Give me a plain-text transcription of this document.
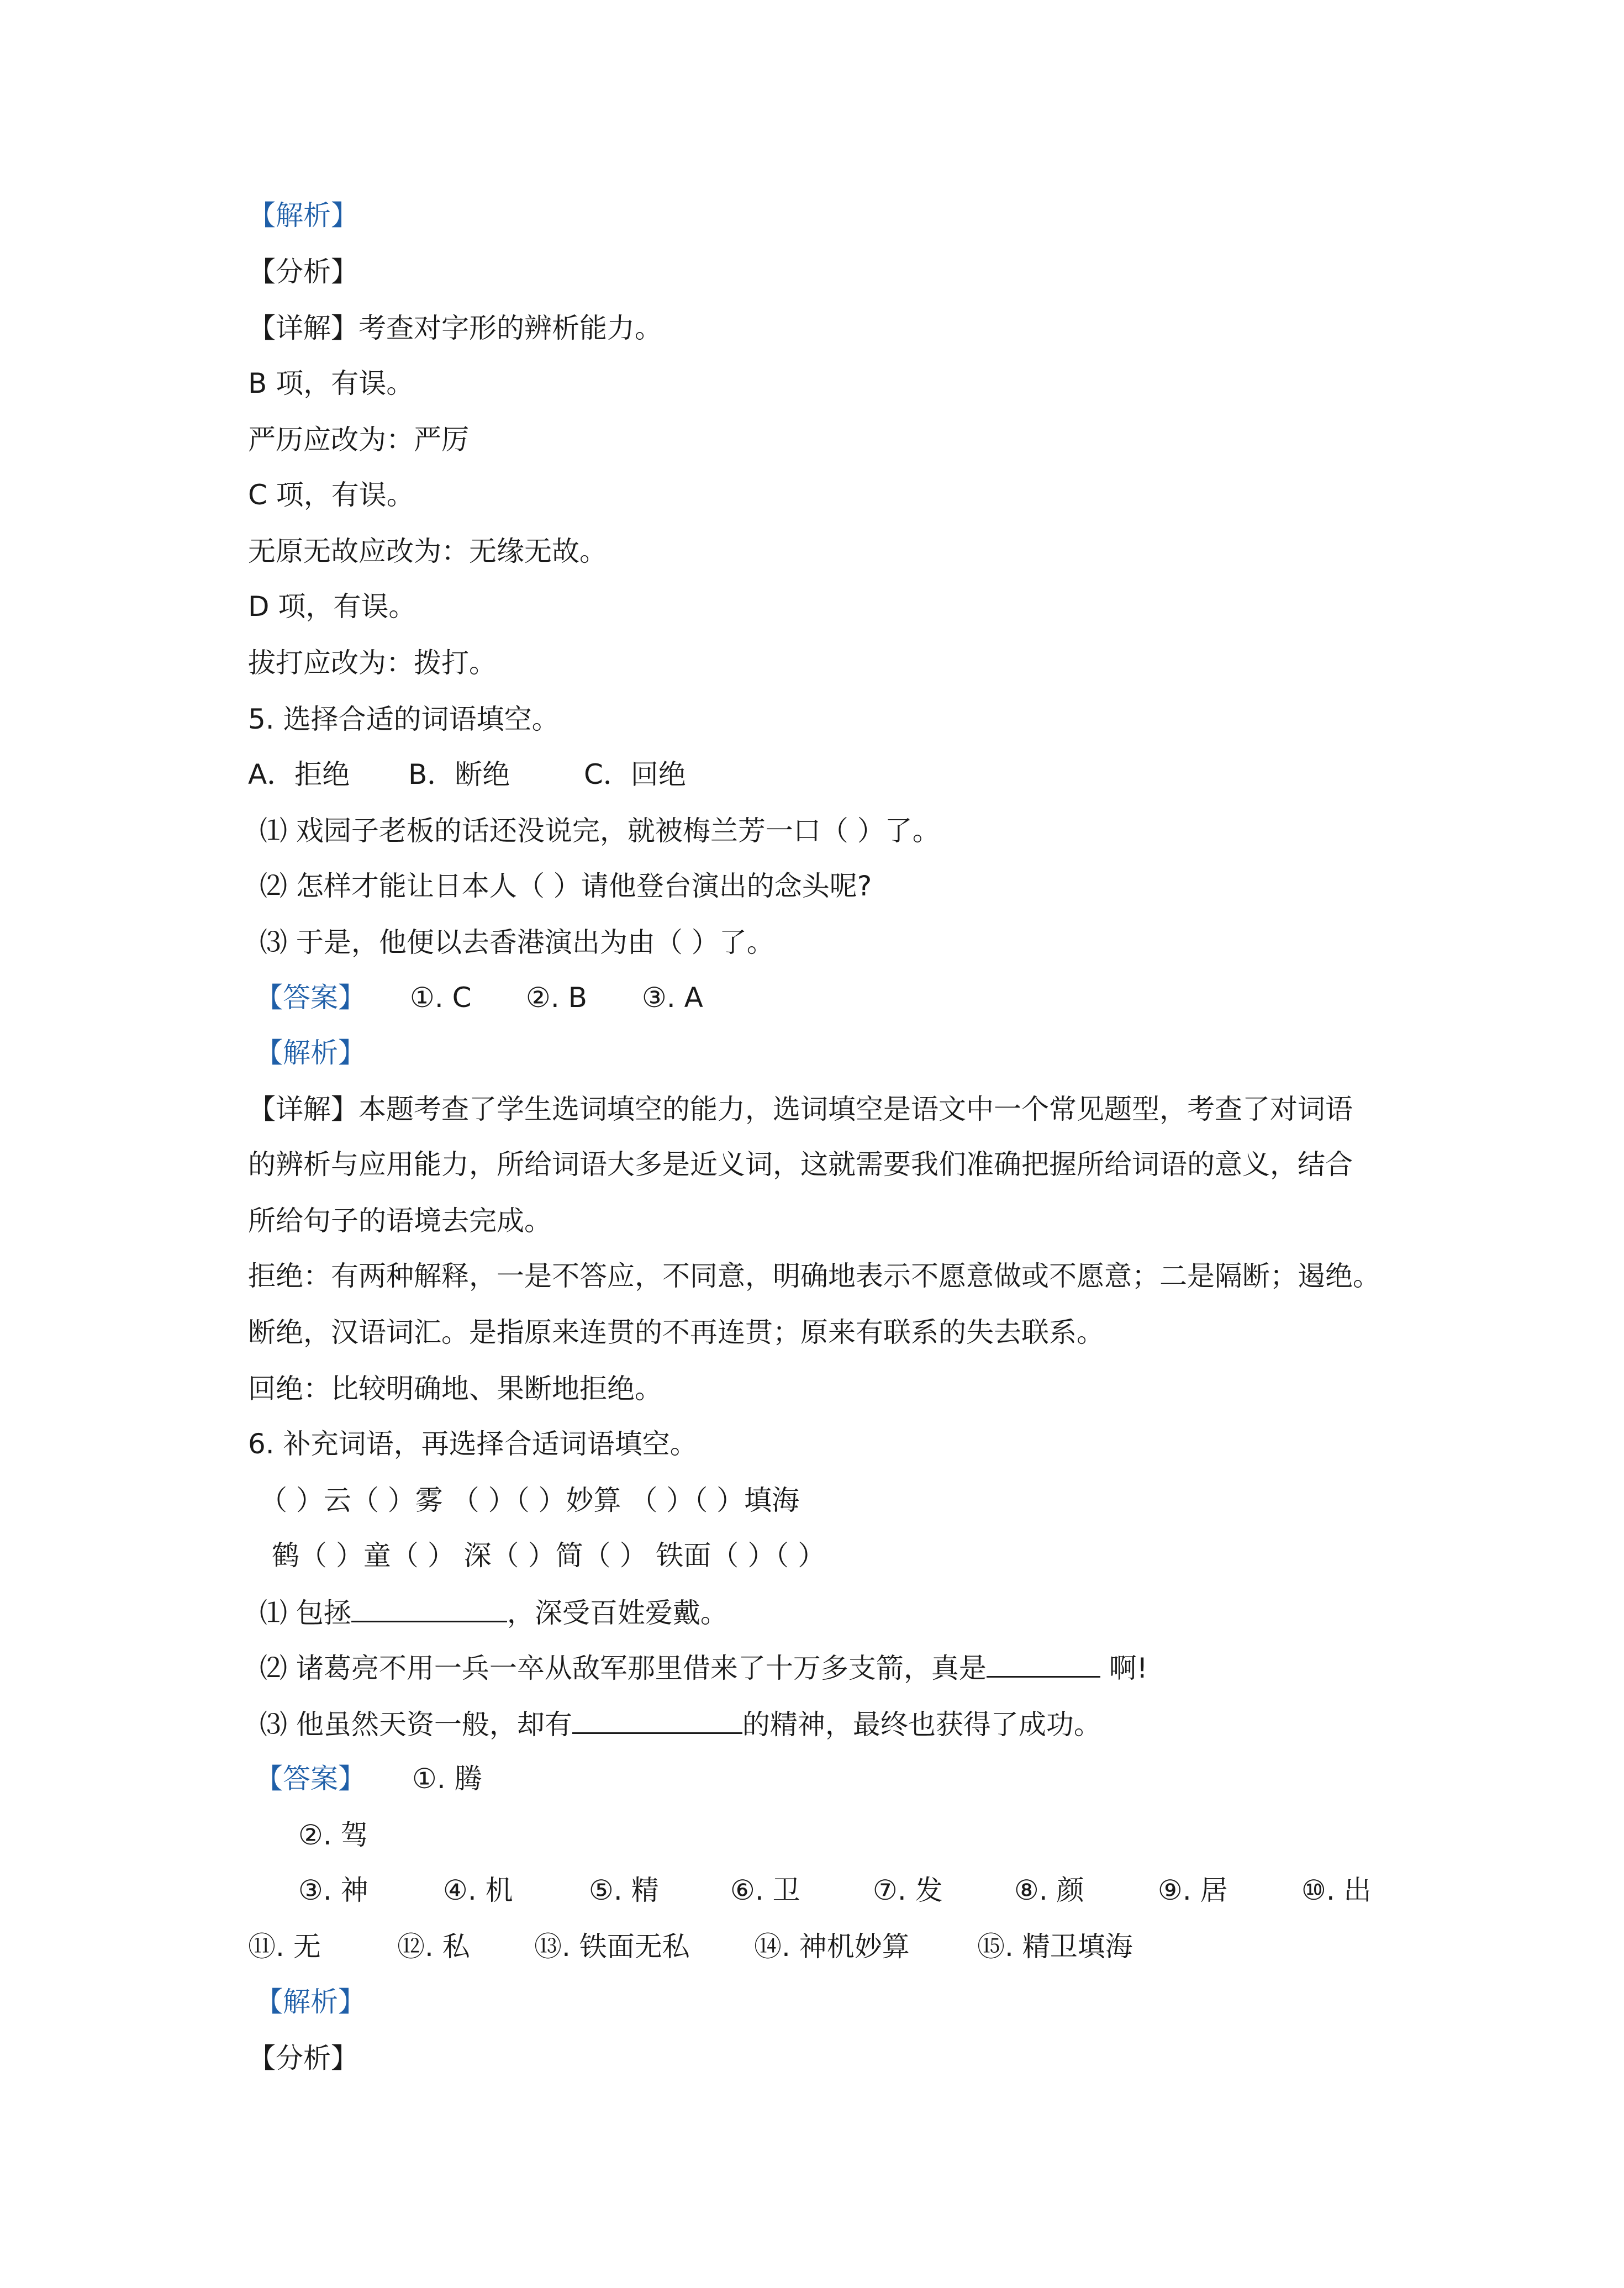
【解析】
【分析】
【详解】考查对字形的辨析能力。
B 项，有误。
严历应改为：严厉
C 项，有误。
无原无故应改为：无缘无故。
D 项，有误。
拔打应改为：拨打。
5. 选择合适的词语填空。
A．拒绝 B．断绝	C．回绝
⑴ 戏园子老板的话还没说完，就被梅兰芳一口（ ）了。
⑵ 怎样才能让日本人（ ）请他登台演出的念头呢?
⑶ 于是，他便以去香港演出为由（ ）了。
【答案】 ①. C ②. B ③. A
【解析】
【详解】本题考查了学生选词填空的能力，选词填空是语文中一个常见题型，考查了对词语
的辨析与应用能力，所给词语大多是近义词，这就需要我们准确把握所给词语的意义，结合
所给句子的语境去完成。
拒绝：有两种解释，一是不答应，不同意，明确地表示不愿意做或不愿意；二是隔断；遏绝。
断绝，汉语词汇。是指原来连贯的不再连贯；原来有联系的失去联系。
回绝：比较明确地、果断地拒绝。
6. 补充词语，再选择合适词语填空。
（ ）云（ ）雾 （ ）（ ）妙算 （ ）（ ）填海
鹤（ ）童（ ） 深（ ）简（ ） 铁面（ ）（ ）
⑴ 包拯	，深受百姓爱戴。
⑵ 诸葛亮不用一兵一卒从敌军那里借来了十万多支箭，真是	啊!
⑶ 他虽然天资一般，却有	的精神，最终也获得了成功。
【答案】 ①. 腾
②. 驾
③. 神	④. 机	⑤. 精	⑥. 卫	⑦. 发	⑧. 颜	⑨. 居	⑩. 出
⑪. 无	⑫. 私 ⑬. 铁面无私 ⑭. 神机妙算 ⑮. 精卫填海
【解析】
【分析】
